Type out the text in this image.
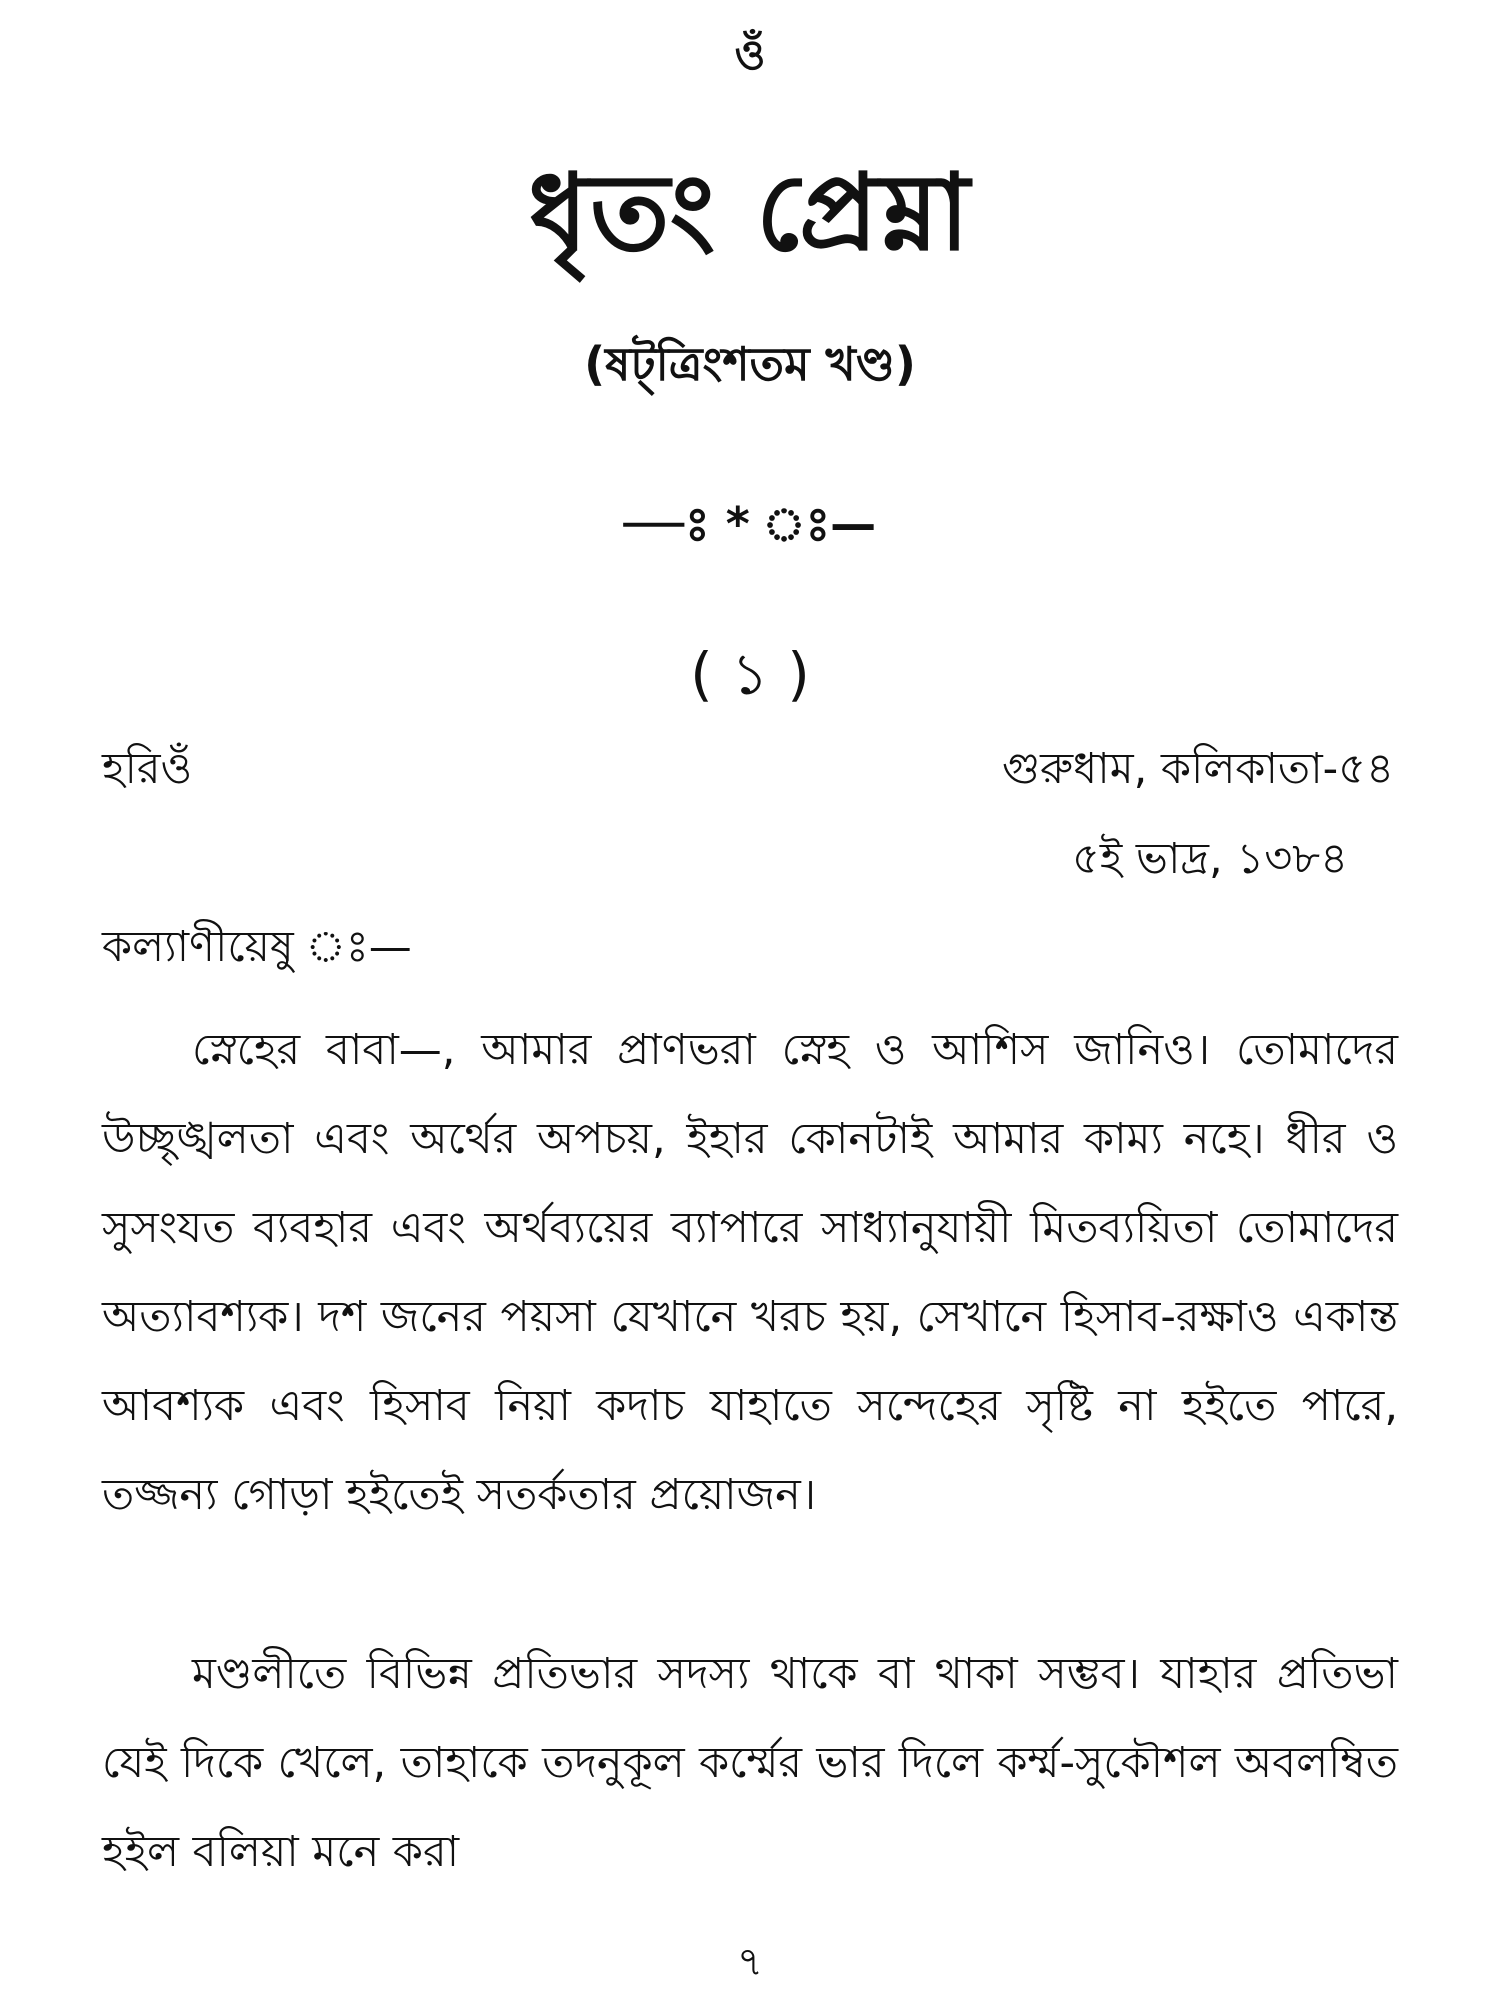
ওঁ
ধৃতং প্রেম্না
(ষট্‌ত্রিংশতম খণ্ড)
—ঃ * ঃ—
( ১ )
হরিওঁ	গুরুধাম, কলিকাতা-৫৪
৫ই ভাদ্র, ১৩৮৪
কল্যাণীয়েষু ঃ—

স্নেহের বাবা—, আমার প্রাণভরা স্নেহ ও আশিস জানিও। তোমাদের উচ্ছৃঙ্খলতা এবং অর্থের অপচয়, ইহার কোনটাই আমার কাম্য নহে। ধীর ও সুসংযত ব্যবহার এবং অর্থব্যয়ের ব্যাপারে সাধ্যানুযায়ী মিতব্যয়িতা তোমাদের অত্যাবশ্যক। দশ জনের পয়সা যেখানে খরচ হয়, সেখানে হিসাব-রক্ষাও একান্ত আবশ্যক এবং হিসাব নিয়া কদাচ যাহাতে সন্দেহের সৃষ্টি না হইতে পারে, তজ্জন্য গোড়া হইতেই সতর্কতার প্রয়োজন।

মণ্ডলীতে বিভিন্ন প্রতিভার সদস্য থাকে বা থাকা সম্ভব। যাহার প্রতিভা যেই দিকে খেলে, তাহাকে তদনুকূল কর্ম্মের ভার দিলে কর্ম্ম-সুকৌশল অবলম্বিত হইল বলিয়া মনে করা

৭
